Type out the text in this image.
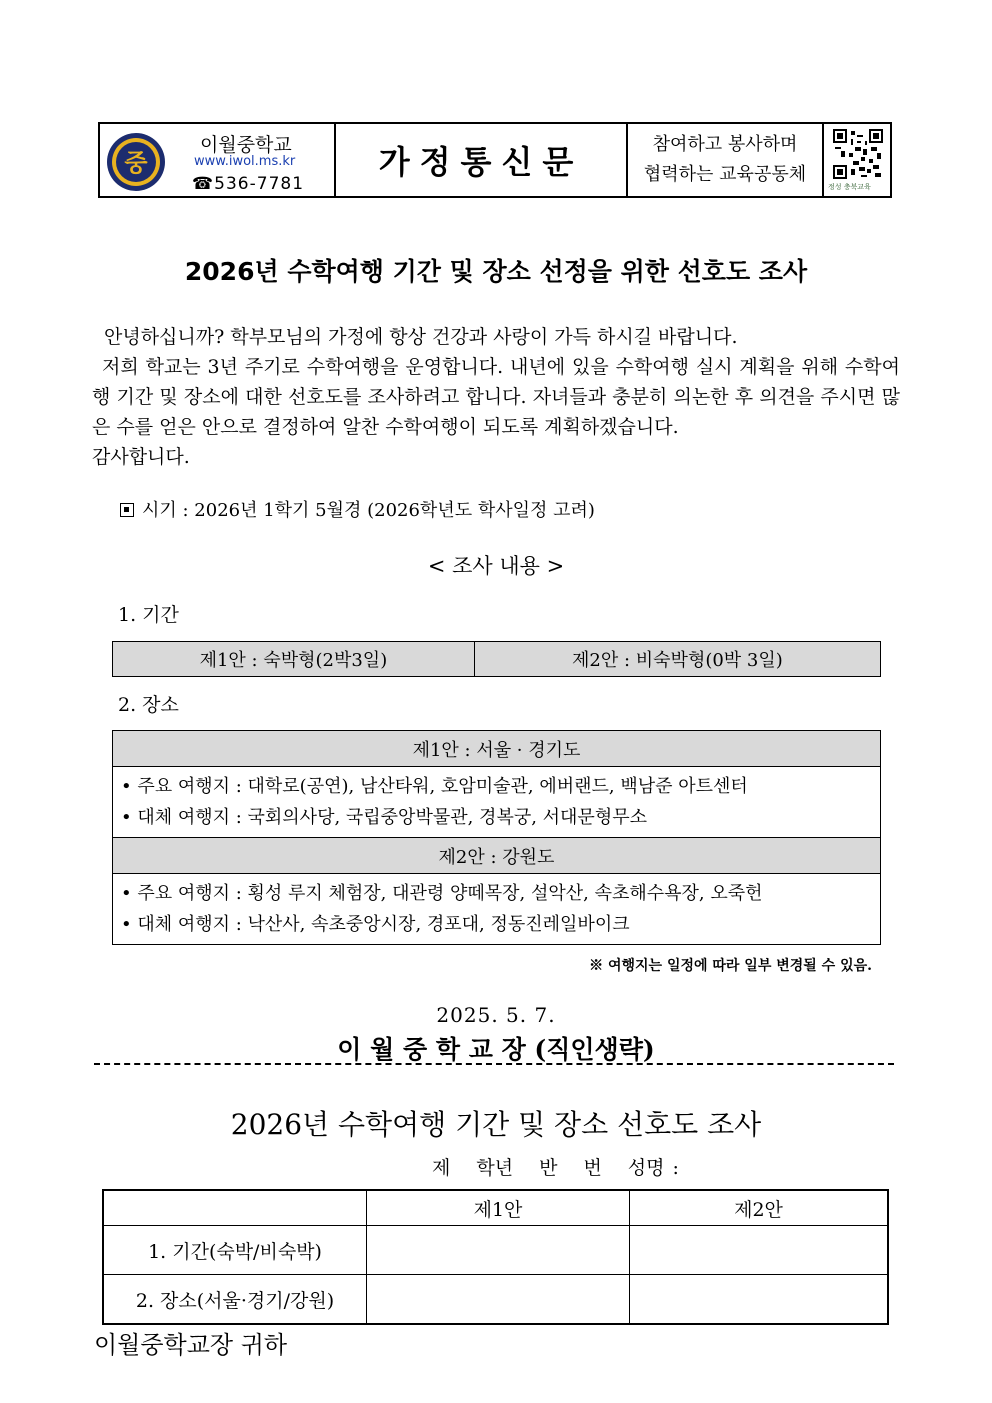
중
이월중학교
www.iwol.ms.kr
☎536-7781
가정통신문	참여하고 봉사하며
협력하는 교육공동체
정성 충북교육
2026년 수학여행 기간 및 장소 선정을 위한 선호도 조사
안녕하십니까? 학부모님의 가정에 항상 건강과 사랑이 가득 하시길 바랍니다.
저희 학교는 3년 주기로 수학여행을 운영합니다. 내년에 있을 수학여행 실시 계획을 위해 수학여행 기간 및 장소에 대한 선호도를 조사하려고 합니다. 자녀들과 충분히 의논한 후 의견을 주시면 많은 수를 얻은 안으로 결정하여 알찬 수학여행이 되도록 계획하겠습니다.
감사합니다.
시기 : 2026년 1학기 5월경 (2026학년도 학사일정 고려)
< 조사 내용 >
1. 기간
제1안 : 숙박형(2박3일)	제2안 : 비숙박형(0박 3일)
2. 장소
제1안 : 서울 · 경기도

• 주요 여행지 : 대학로(공연), 남산타워, 호암미술관, 에버랜드, 백남준 아트센터
• 대체 여행지 : 국회의사당, 국립중앙박물관, 경복궁, 서대문형무소

제2안 : 강원도

• 주요 여행지 : 횡성 루지 체험장, 대관령 양떼목장, 설악산, 속초해수욕장, 오죽헌
• 대체 여행지 : 낙산사, 속초중앙시장, 경포대, 정동진레일바이크
※ 여행지는 일정에 따라 일부 변경될 수 있음.
2025. 5. 7.
이 월 중 학 교 장 (직인생략)
2026년 수학여행 기간 및 장소 선호도 조사
제 학년 반 번 성명 :
	제1안	제2안
1. 기간(숙박/비숙박)		
2. 장소(서울·경기/강원)		
이월중학교장 귀하
